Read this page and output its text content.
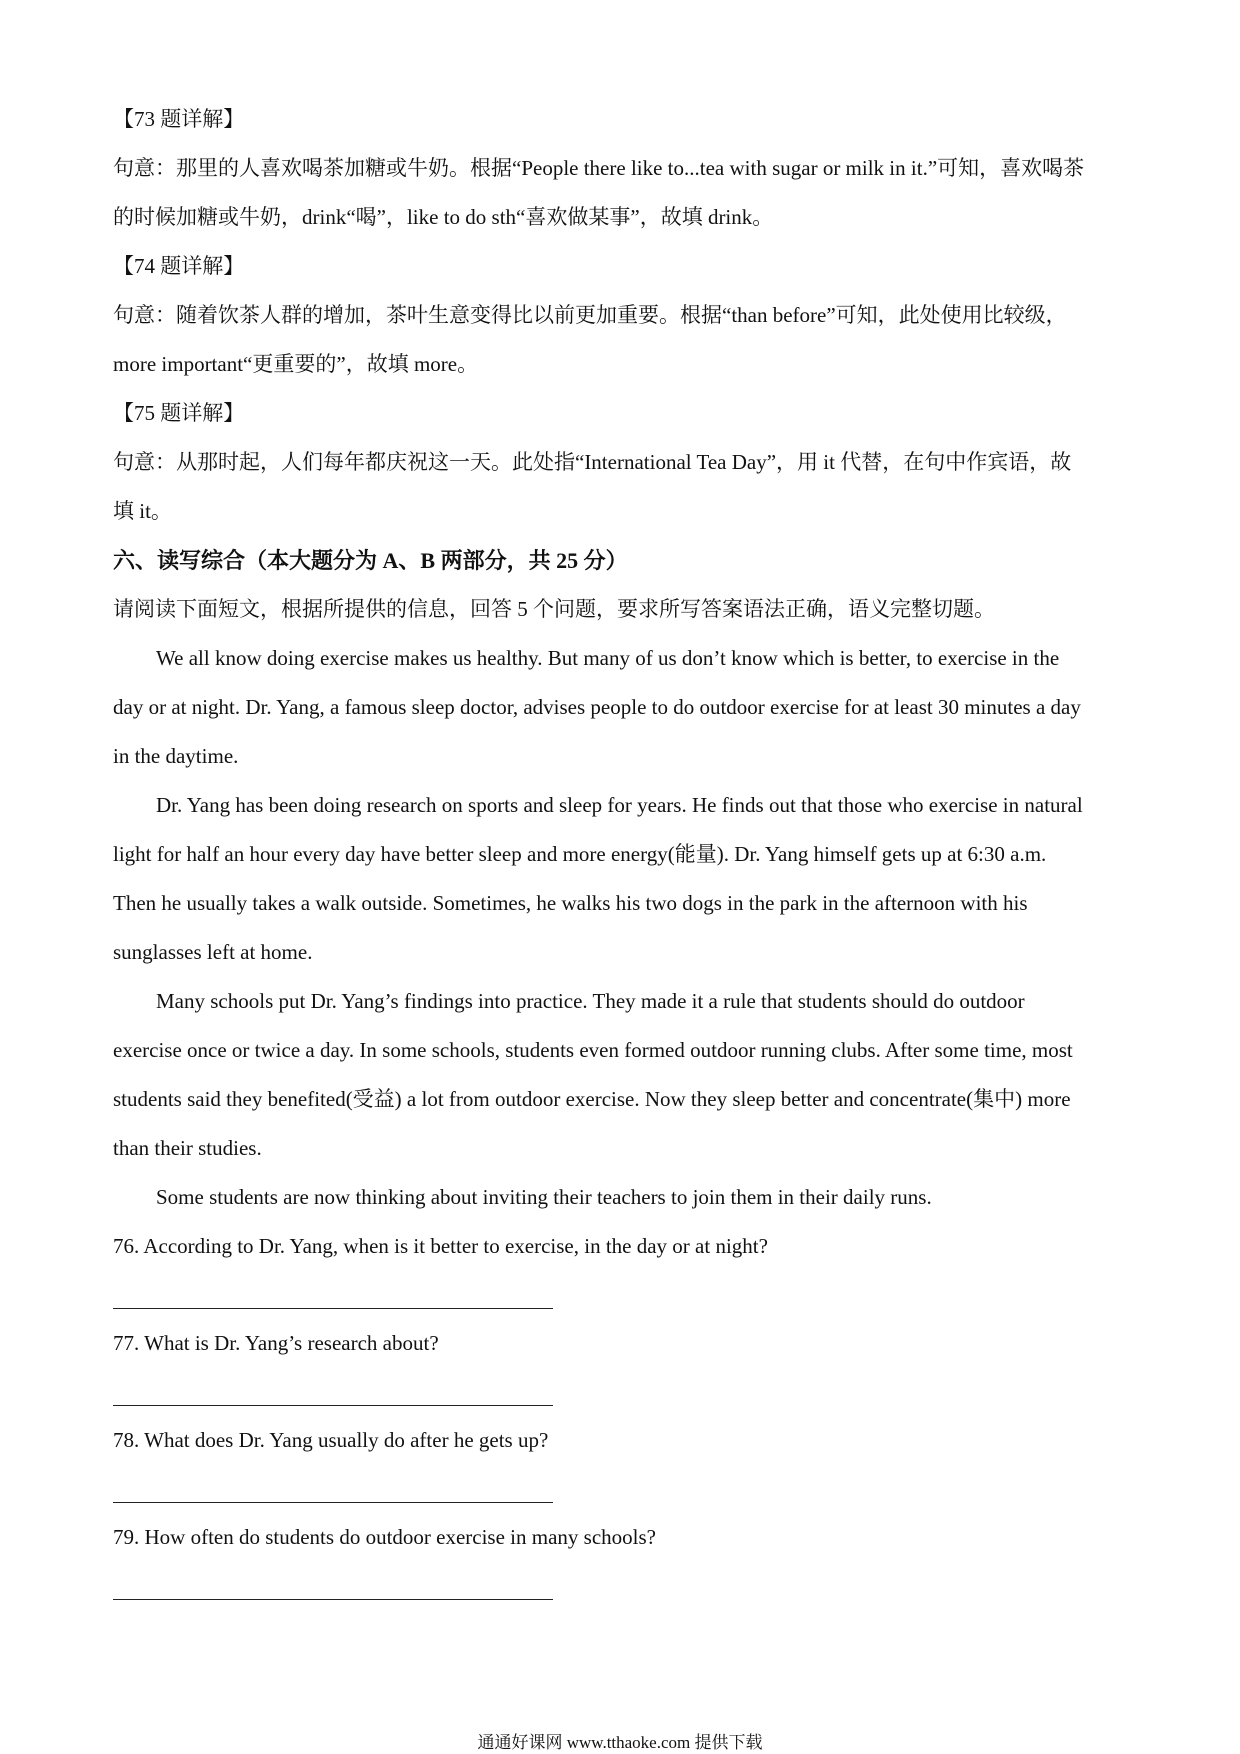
【73 题详解】
句意：那里的人喜欢喝茶加糖或牛奶。根据“People there like to...tea with sugar or milk in it.”可知，喜欢喝茶
的时候加糖或牛奶，drink“喝”，like to do sth“喜欢做某事”，故填 drink。
【74 题详解】
句意：随着饮茶人群的增加，茶叶生意变得比以前更加重要。根据“than before”可知，此处使用比较级，
more important“更重要的”，故填 more。
【75 题详解】
句意：从那时起，人们每年都庆祝这一天。此处指“International Tea Day”，用 it 代替，在句中作宾语，故
填 it。
六、读写综合（本大题分为 A、B 两部分，共 25 分）
请阅读下面短文，根据所提供的信息，回答 5 个问题，要求所写答案语法正确，语义完整切题。
We all know doing exercise makes us healthy. But many of us don’t know which is better, to exercise in the
day or at night. Dr. Yang, a famous sleep doctor, advises people to do outdoor exercise for at least 30 minutes a day
in the daytime.
Dr. Yang has been doing research on sports and sleep for years. He finds out that those who exercise in natural
light for half an hour every day have better sleep and more energy(能量). Dr. Yang himself gets up at 6:30 a.m.
Then he usually takes a walk outside. Sometimes, he walks his two dogs in the park in the afternoon with his
sunglasses left at home.
Many schools put Dr. Yang’s findings into practice. They made it a rule that students should do outdoor
exercise once or twice a day. In some schools, students even formed outdoor running clubs. After some time, most
students said they benefited(受益) a lot from outdoor exercise. Now they sleep better and concentrate(集中) more
than their studies.
Some students are now thinking about inviting their teachers to join them in their daily runs.
76. According to Dr. Yang, when is it better to exercise, in the day or at night?
77. What is Dr. Yang’s research about?
78. What does Dr. Yang usually do after he gets up?
79. How often do students do outdoor exercise in many schools?
通通好课网 www.tthaoke.com 提供下载
